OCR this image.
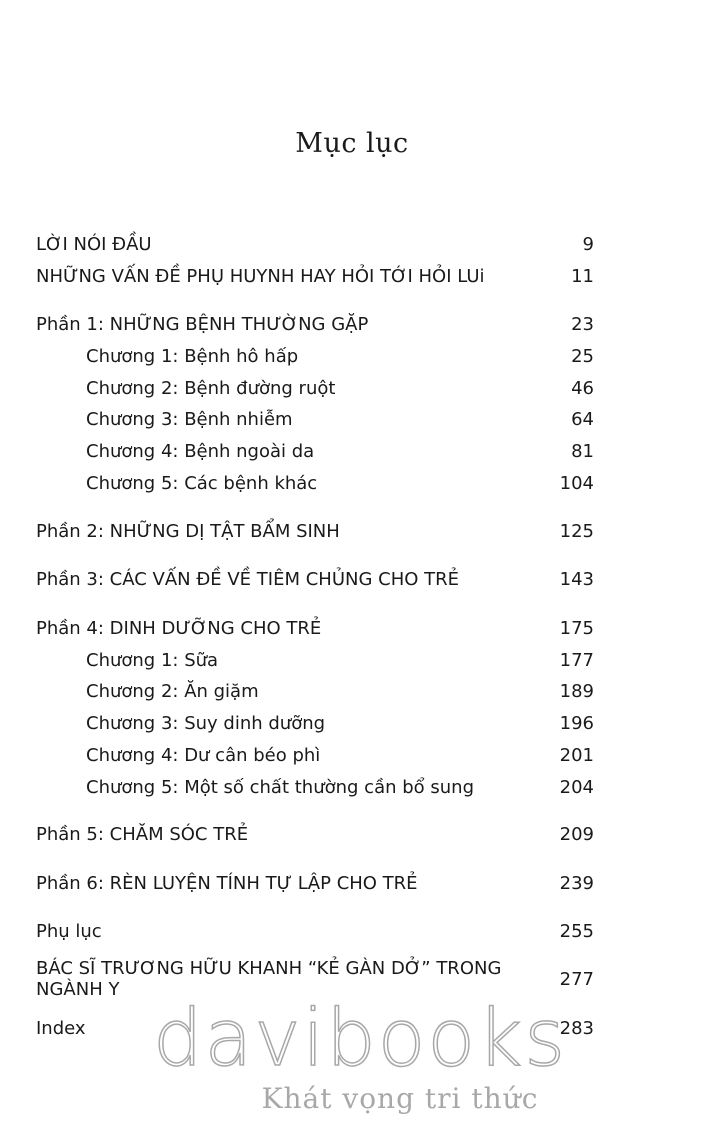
Mục lục
LỜI NÓI ĐẦU	9
NHỮNG VẤN ĐỀ PHỤ HUYNH HAY HỎI TỚI HỎI LUi	11
Phần 1: NHỮNG BỆNH THƯỜNG GẶP	23
Chương 1: Bệnh hô hấp	25
Chương 2: Bệnh đường ruột	46
Chương 3: Bệnh nhiễm	64
Chương 4: Bệnh ngoài da	81
Chương 5: Các bệnh khác	104
Phần 2: NHỮNG DỊ TẬT BẨM SINH	125
Phần 3: CÁC VẤN ĐỀ VỀ TIÊM CHỦNG CHO TRẺ	143
Phần 4: DINH DƯỠNG CHO TRẺ	175
Chương 1: Sữa	177
Chương 2: Ăn giặm	189
Chương 3: Suy dinh dưỡng	196
Chương 4: Dư cân béo phì	201
Chương 5: Một số chất thường cần bổ sung	204
Phần 5: CHĂM SÓC TRẺ	209
Phần 6: RÈN LUYỆN TÍNH TỰ LẬP CHO TRẺ	239
Phụ lục	255
BÁC SĨ TRƯƠNG HỮU KHANH “KẺ GÀN DỞ” TRONG NGÀNH Y	277
Index	283
davibooks
Khát vọng tri thức
